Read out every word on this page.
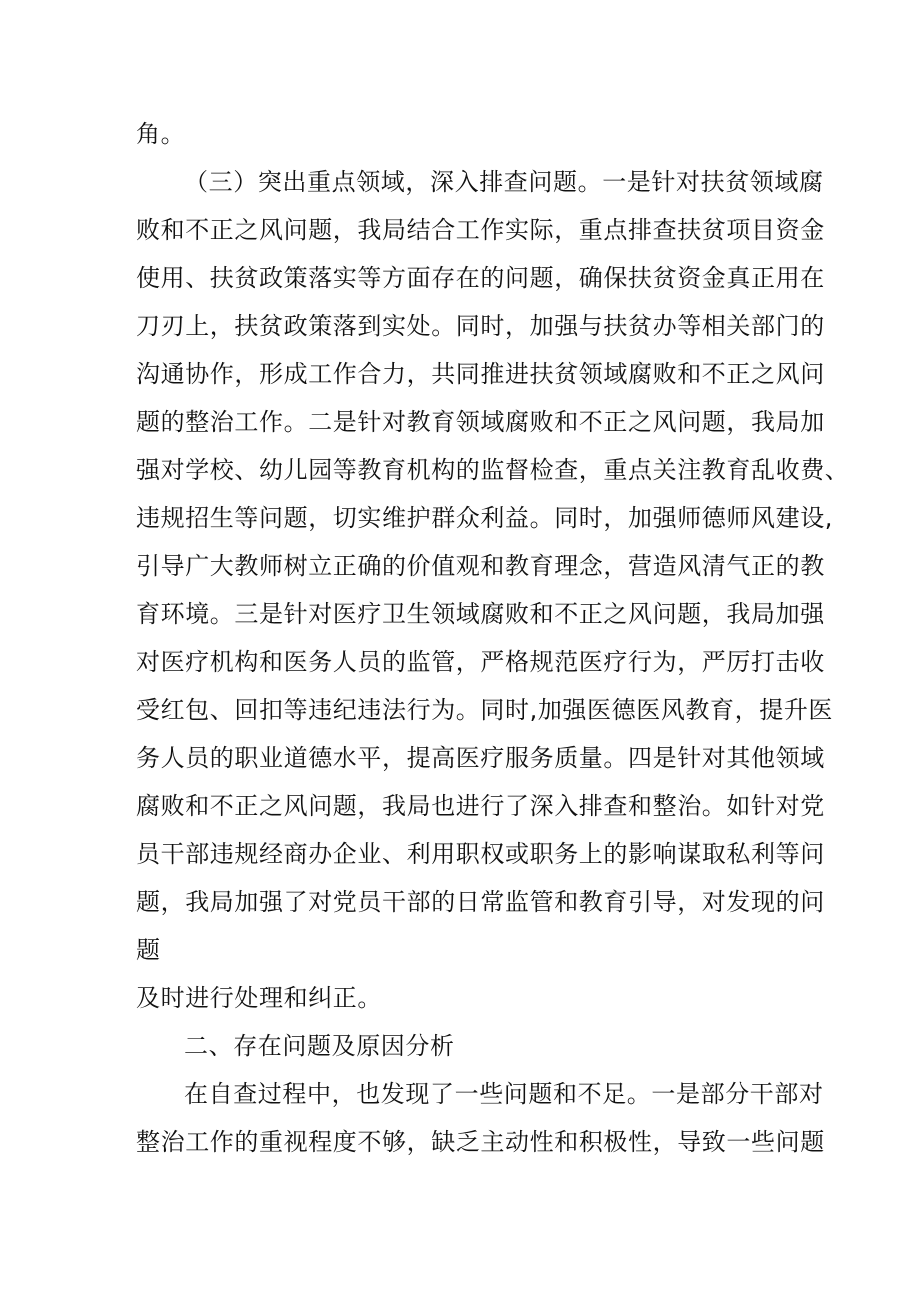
角。
（三）突出重点领域，深入排查问题。一是针对扶贫领域腐
败和不正之风问题，我局结合工作实际，重点排查扶贫项目资金
使用、扶贫政策落实等方面存在的问题，确保扶贫资金真正用在
刀刃上，扶贫政策落到实处。同时，加强与扶贫办等相关部门的
沟通协作，形成工作合力，共同推进扶贫领域腐败和不正之风问
题的整治工作。二是针对教育领域腐败和不正之风问题，我局加
强对学校、幼儿园等教育机构的监督检查，重点关注教育乱收费、
违规招生等问题，切实维护群众利益。同时，加强师德师风建设,
引导广大教师树立正确的价值观和教育理念，营造风清气正的教
育环境。三是针对医疗卫生领域腐败和不正之风问题，我局加强
对医疗机构和医务人员的监管，严格规范医疗行为，严厉打击收
受红包、回扣等违纪违法行为。同时,加强医德医风教育，提升医
务人员的职业道德水平，提高医疗服务质量。四是针对其他领域
腐败和不正之风问题，我局也进行了深入排查和整治。如针对党
员干部违规经商办企业、利用职权或职务上的影响谋取私利等问
题，我局加强了对党员干部的日常监管和教育引导，对发现的问
题
及时进行处理和纠正。
二、存在问题及原因分析
在自查过程中，也发现了一些问题和不足。一是部分干部对
整治工作的重视程度不够，缺乏主动性和积极性，导致一些问题
